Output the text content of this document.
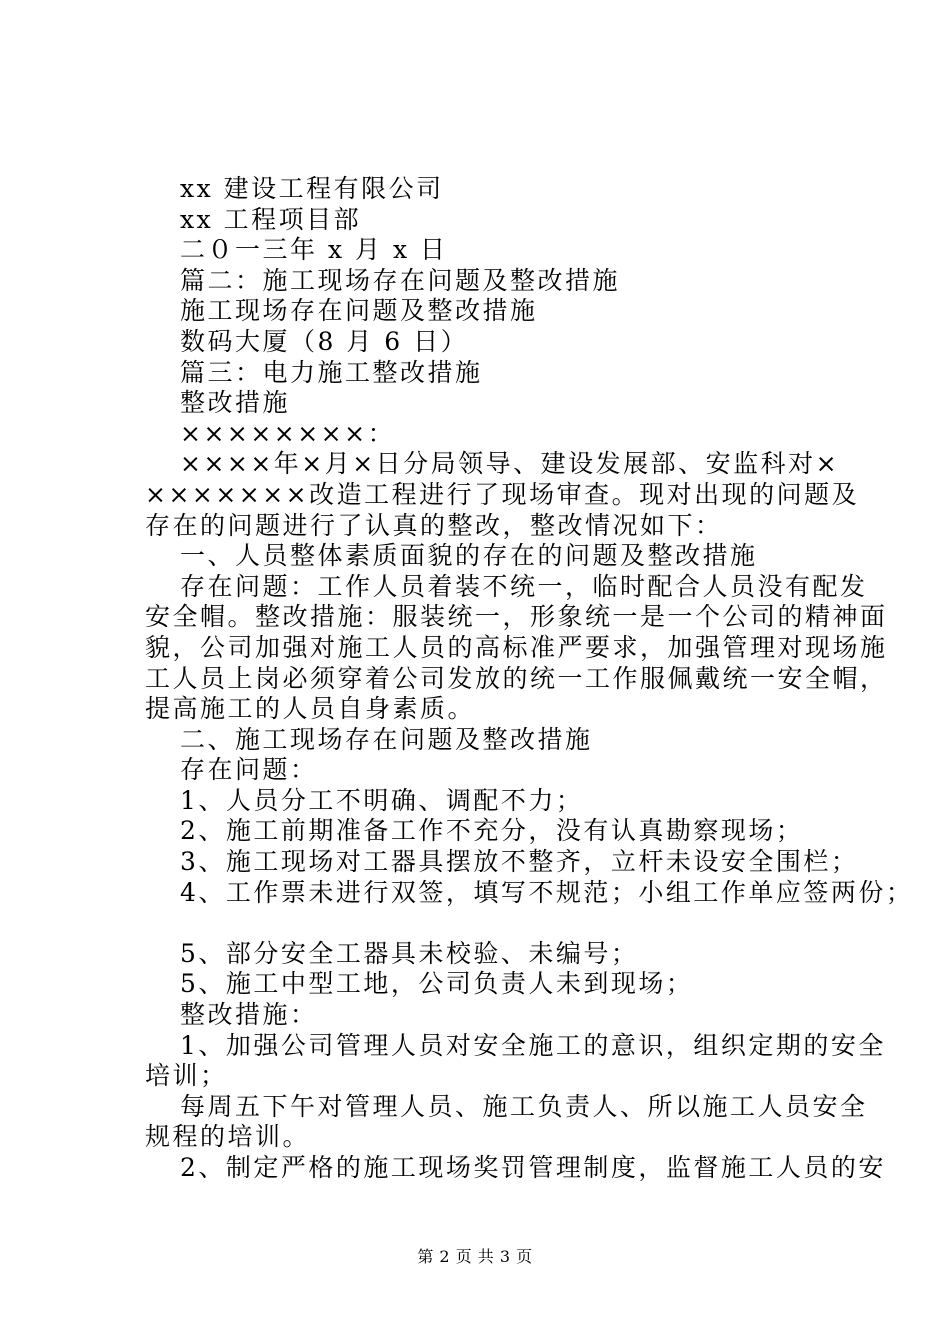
xx 建设工程有限公司
xx 工程项目部
二０一三年 x 月 x 日
篇二：施工现场存在问题及整改措施
施工现场存在问题及整改措施
数码大厦（8 月 6 日）
篇三：电力施工整改措施
整改措施
××××××××：
××××年×月×日分局领导、建设发展部、安监科对×
×××××××改造工程进行了现场审查。现对出现的问题及
存在的问题进行了认真的整改，整改情况如下：
一、人员整体素质面貌的存在的问题及整改措施
存在问题：工作人员着装不统一，临时配合人员没有配发
安全帽。整改措施：服装统一，形象统一是一个公司的精神面
貌，公司加强对施工人员的高标准严要求，加强管理对现场施
工人员上岗必须穿着公司发放的统一工作服佩戴统一安全帽，
提高施工的人员自身素质。
二、施工现场存在问题及整改措施
存在问题：
1、人员分工不明确、调配不力；
2、施工前期准备工作不充分，没有认真勘察现场；
3、施工现场对工器具摆放不整齐，立杆未设安全围栏；
4、工作票未进行双签，填写不规范；小组工作单应签两份；
5、部分安全工器具未校验、未编号；
5、施工中型工地，公司负责人未到现场；
整改措施：
1、加强公司管理人员对安全施工的意识，组织定期的安全
培训；
每周五下午对管理人员、施工负责人、所以施工人员安全
规程的培训。
2、制定严格的施工现场奖罚管理制度，监督施工人员的安
第 2 页 共 3 页
